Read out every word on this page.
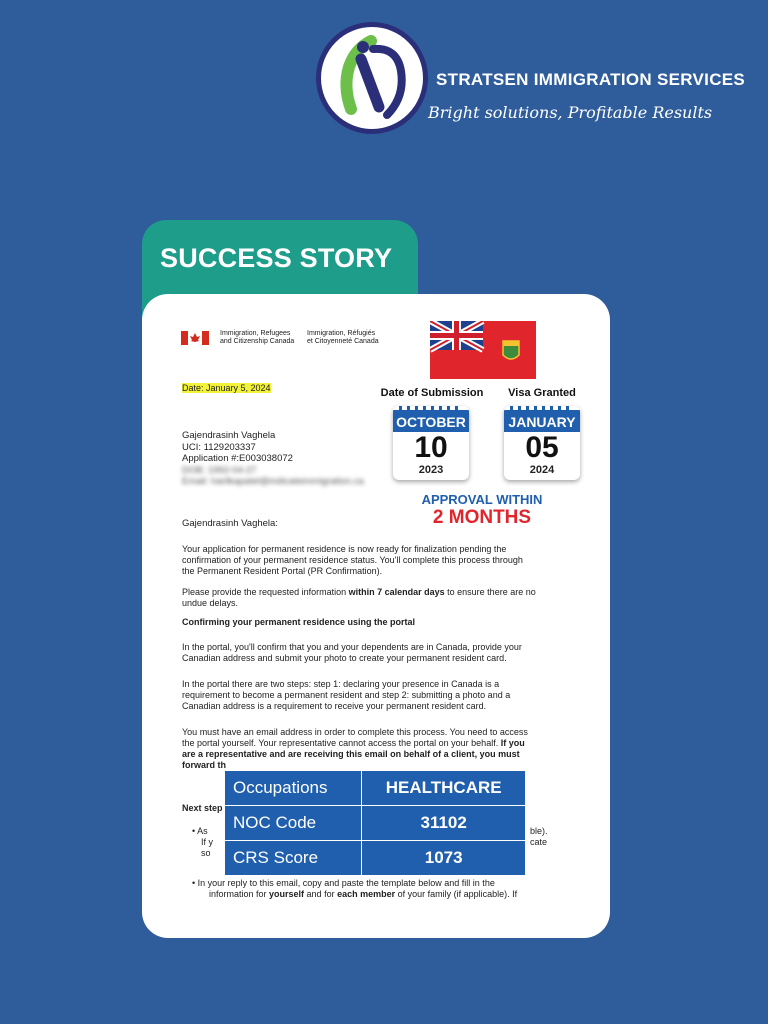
STRATSEN IMMIGRATION SERVICES
Bright solutions, Profitable Results
SUCCESS STORY
Immigration, Refugees
and Citizenship Canada
Immigration, Réfugiés
et Citoyenneté Canada
Date: January 5, 2024
Gajendrasinh Vaghela
UCI: 1129203337
Application #:E003038072
DOB: 1992-04-27
Email: harilkapatel@indicateimmigration.ca
Gajendrasinh Vaghela:
Your application for permanent residence is now ready for finalization pending the
confirmation of your permanent residence status. You'll complete this process through
the Permanent Resident Portal (PR Confirmation).
Please provide the requested information within 7 calendar days to ensure there are no
undue delays.
Confirming your permanent residence using the portal
In the portal, you'll confirm that you and your dependents are in Canada, provide your
Canadian address and submit your photo to create your permanent resident card.
In the portal there are two steps: step 1: declaring your presence in Canada is a
requirement to become a permanent resident and step 2: submitting a photo and a
Canadian address is a requirement to receive your permanent resident card.
You must have an email address in order to complete this process. You need to access
the portal yourself. Your representative cannot access the portal on your behalf. If you
are a representative and are receiving this email on behalf of a client, you must
forward th
Next step
• As
If y
so
ble).
cate
• In your reply to this email, copy and paste the template below and fill in the
information for yourself and for each member of your family (if applicable). If
Date of Submission	Visa Granted
OCTOBER
10
2023
JANUARY
05
2024
APPROVAL WITHIN
2 MONTHS
Occupations	HEALTHCARE
NOC Code	31102
CRS Score	1073
